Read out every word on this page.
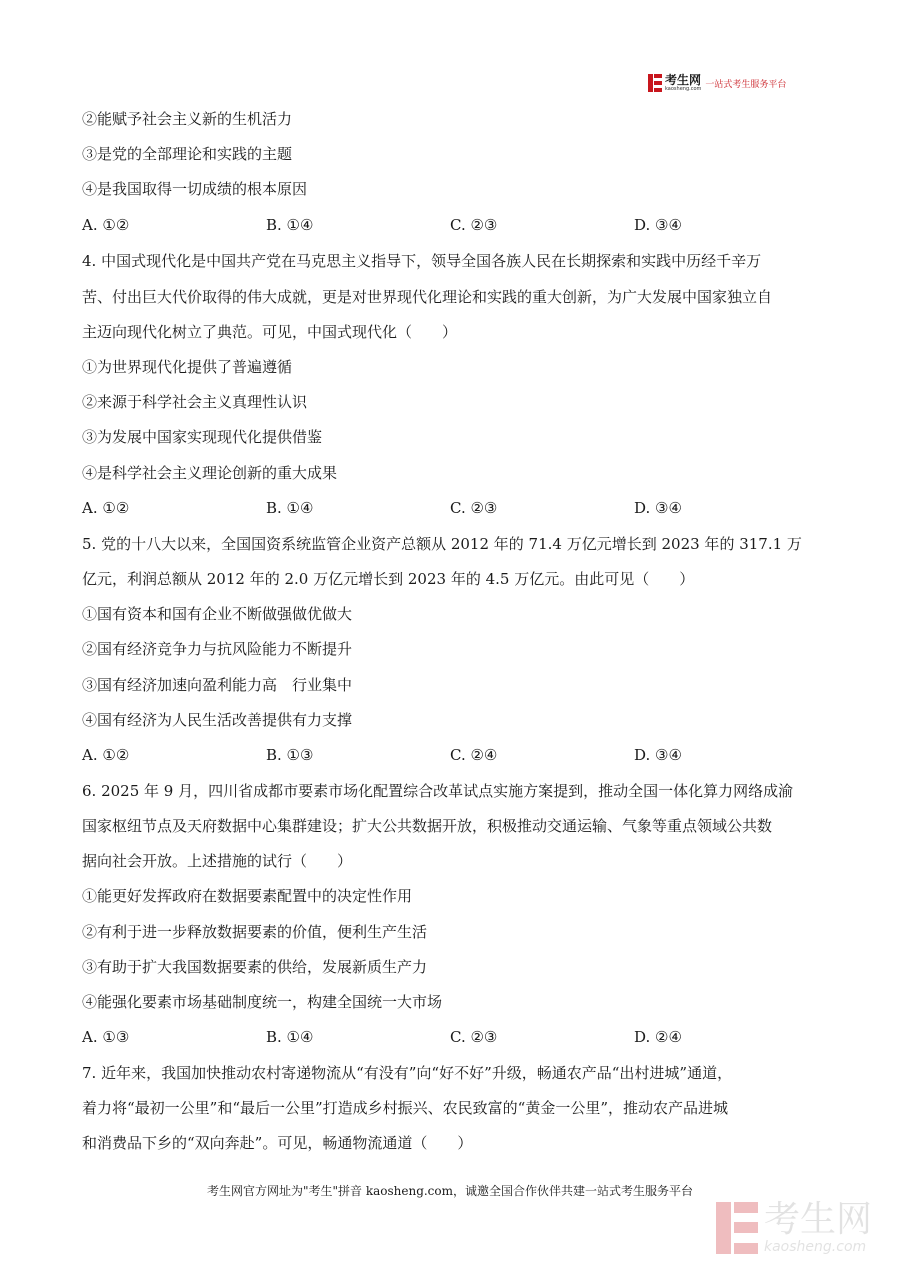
考生网
kaosheng.com 一站式考生服务平台
②能赋予社会主义新的生机活力
③是党的全部理论和实践的主题
④是我国取得一切成绩的根本原因
A. ①②	B. ①④	C. ②③	D. ③④
4. 中国式现代化是中国共产党在马克思主义指导下，领导全国各族人民在长期探索和实践中历经千辛万
苦、付出巨大代价取得的伟大成就，更是对世界现代化理论和实践的重大创新，为广大发展中国家独立自
主迈向现代化树立了典范。可见，中国式现代化（　　）
①为世界现代化提供了普遍遵循
②来源于科学社会主义真理性认识
③为发展中国家实现现代化提供借鉴
④是科学社会主义理论创新的重大成果
A. ①②	B. ①④	C. ②③	D. ③④
5. 党的十八大以来，全国国资系统监管企业资产总额从 2012 年的 71.4 万亿元增长到 2023 年的 317.1 万
亿元，利润总额从 2012 年的 2.0 万亿元增长到 2023 年的 4.5 万亿元。由此可见（　　）
①国有资本和国有企业不断做强做优做大
②国有经济竞争力与抗风险能力不断提升
③国有经济加速向盈利能力高　行业集中
④国有经济为人民生活改善提供有力支撑
A. ①②	B. ①③	C. ②④	D. ③④
6. 2025 年 9 月，四川省成都市要素市场化配置综合改革试点实施方案提到，推动全国一体化算力网络成渝
国家枢纽节点及天府数据中心集群建设；扩大公共数据开放，积极推动交通运输、气象等重点领域公共数
据向社会开放。上述措施的试行（　　）
①能更好发挥政府在数据要素配置中的决定性作用
②有利于进一步释放数据要素的价值，便利生产生活
③有助于扩大我国数据要素的供给，发展新质生产力
④能强化要素市场基础制度统一，构建全国统一大市场
A. ①③	B. ①④	C. ②③	D. ②④
7. 近年来，我国加快推动农村寄递物流从“有没有”向“好不好”升级，畅通农产品“出村进城”通道，
着力将“最初一公里”和“最后一公里”打造成乡村振兴、农民致富的“黄金一公里”，推动农产品进城
和消费品下乡的“双向奔赴”。可见，畅通物流通道（　　）
考生网官方网址为"考生"拼音 kaosheng.com，诚邀全国合作伙伴共建一站式考生服务平台
考生网
kaosheng.com
